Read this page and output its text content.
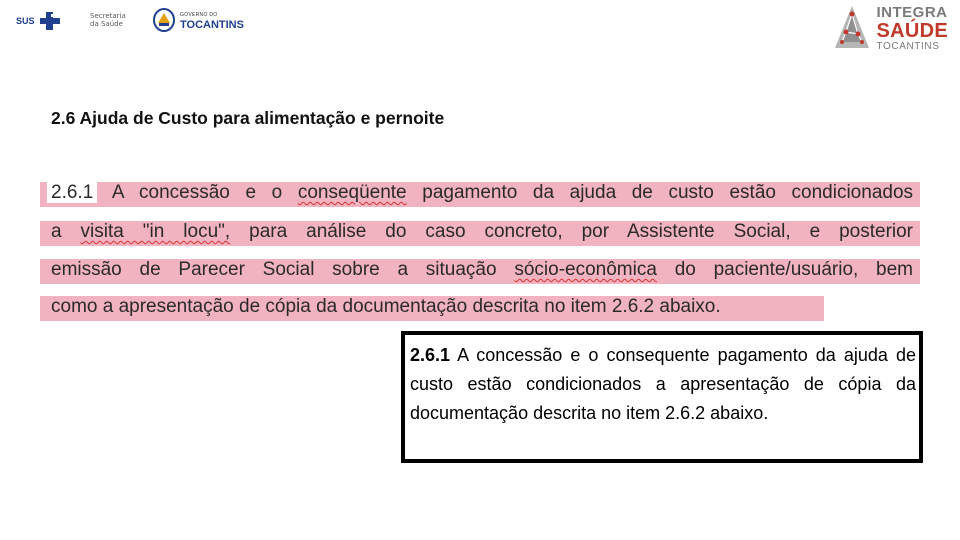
SUS	Secretaria da Saúde
GOVERNO DO
TOCANTINS
INTEGRA
SAÚDE
TOCANTINS
2.6 Ajuda de Custo para alimentação e pernoite
2.6.1 A concessão e o conseqüente pagamento da ajuda de custo estão condicionados
a visita "in locu", para análise do caso concreto, por Assistente Social, e posterior
emissão de Parecer Social sobre a situação sócio-econômica do paciente/usuário, bem
como a apresentação de cópia da documentação descrita no item 2.6.2 abaixo.
2.6.1 A concessão e o consequente pagamento da ajuda de custo estão condicionados a apresentação de cópia da documentação descrita no item 2.6.2 abaixo.
